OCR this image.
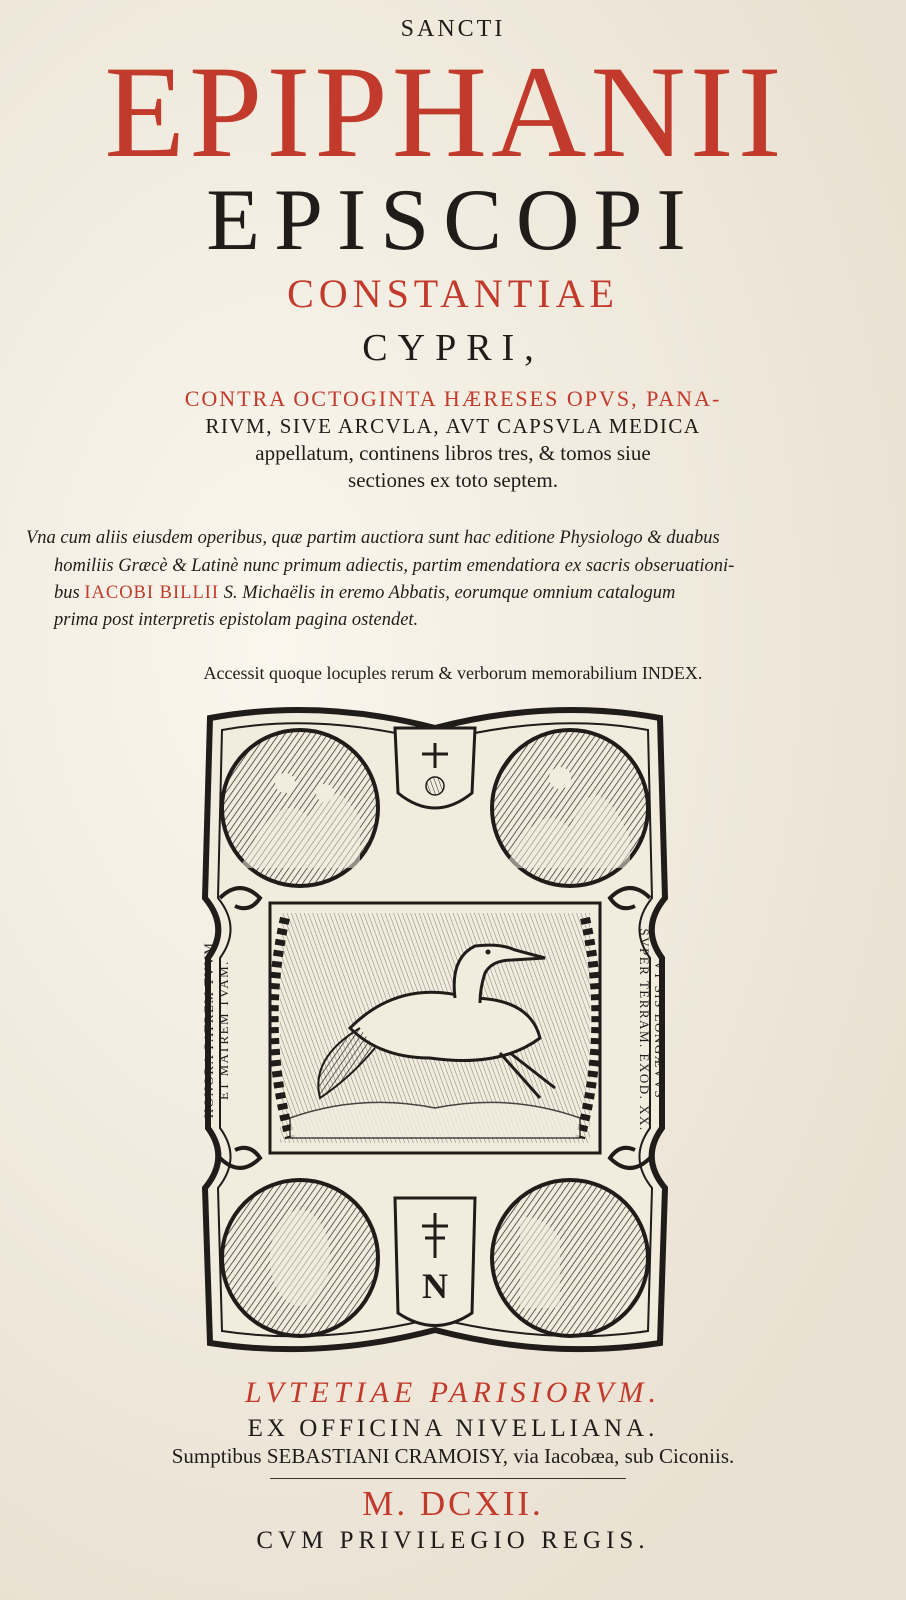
SANCTI
EPIPHANII
EPISCOPI
CONSTANTIAE
CYPRI,
CONTRA OCTOGINTA HÆRESES OPVS, PANA-
RIVM, SIVE ARCVLA, AVT CAPSVLA MEDICA
appellatum, continens libros tres, & tomos siue
sectiones ex toto septem.
Vna cum aliis eiusdem operibus, quæ partim auctiora sunt hac editione Physiologo & duabus
homiliis Græcè & Latinè nunc primum adiectis, partim emendatiora ex sacris obseruationi-
bus IACOBI BILLII S. Michaëlis in eremo Abbatis, eorumque omnium catalogum
prima post interpretis epistolam pagina ostendet.
Accessit quoque locuples rerum & verborum memorabilium INDEX.
N
HONORA PATREM TVVM ET MATREM TVAM.	VT SIS LONGÆVVS
SVPER TERRAM. EXOD. XX.
LVTETIAE PARISIORVM.
EX OFFICINA NIVELLIANA.
Sumptibus SEBASTIANI CRAMOISY, via Iacobæa, sub Ciconiis.
M. DCXII.
CVM PRIVILEGIO REGIS.
